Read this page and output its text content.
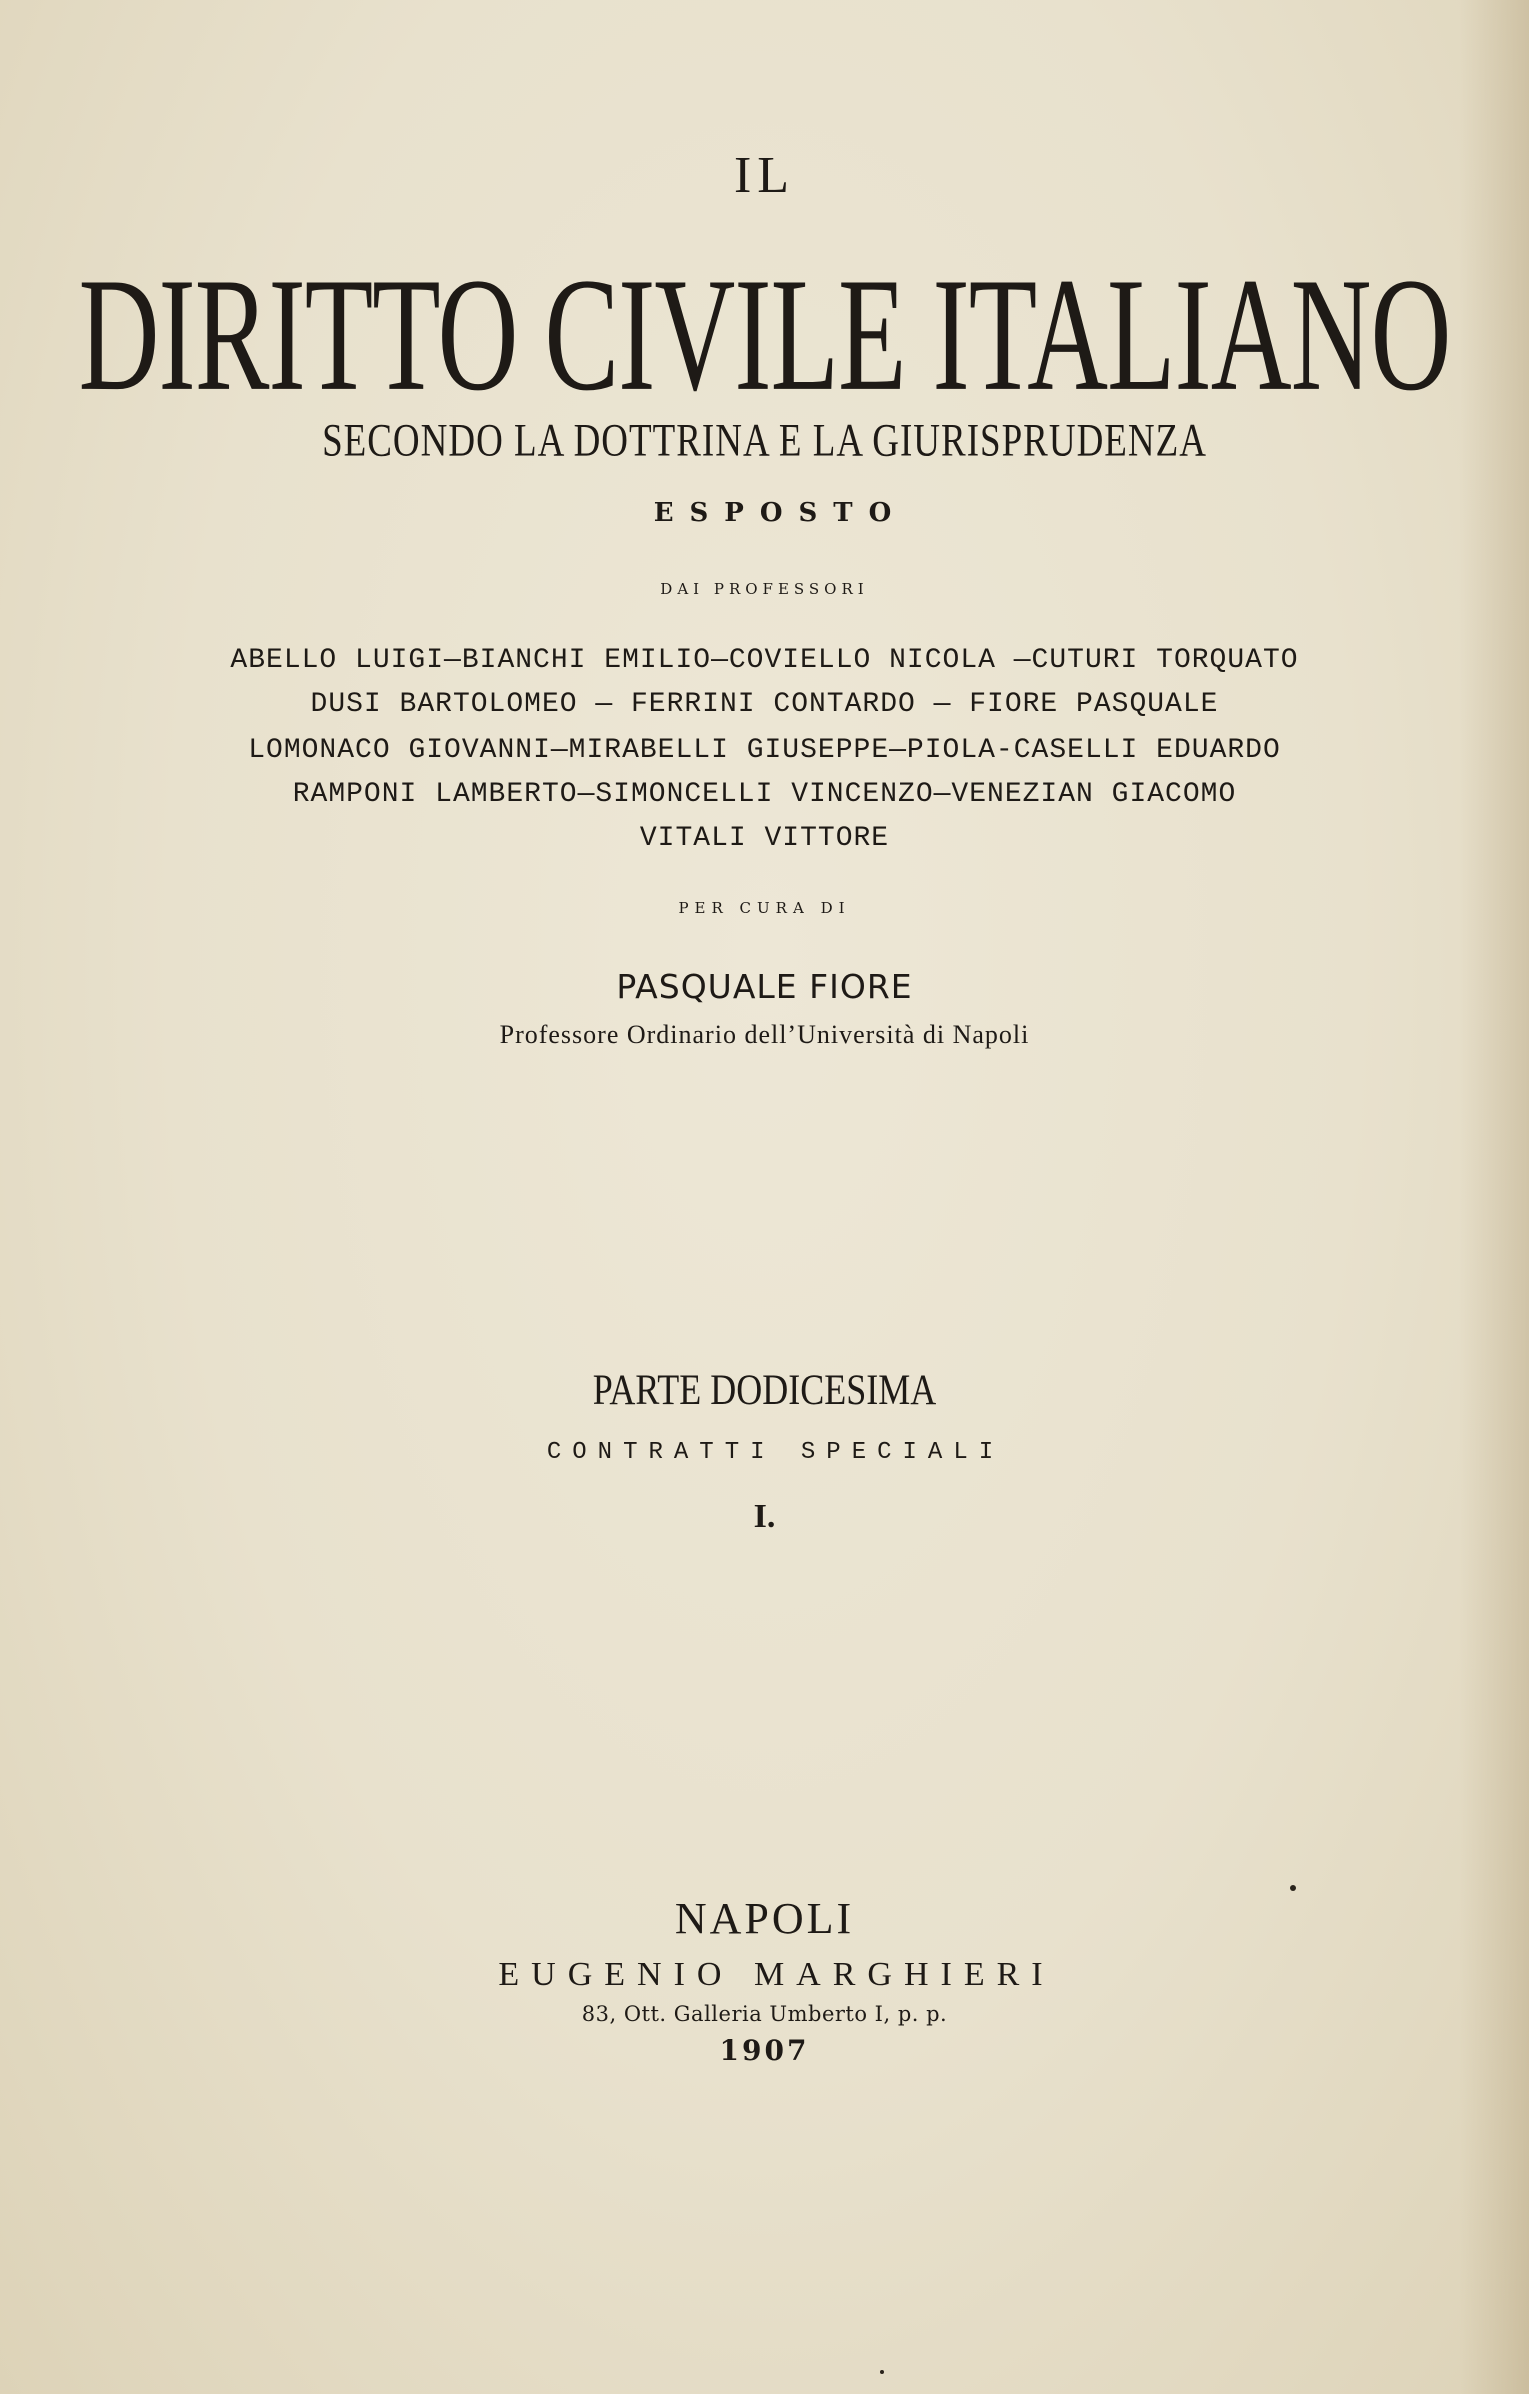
IL
DIRITTO CIVILE ITALIANO
SECONDO LA DOTTRINA E LA GIURISPRUDENZA
ESPOSTO
DAI PROFESSORI
ABELLO LUIGI—BIANCHI EMILIO—COVIELLO NICOLA —CUTURI TORQUATO
DUSI BARTOLOMEO — FERRINI CONTARDO — FIORE PASQUALE
LOMONACO GIOVANNI—MIRABELLI GIUSEPPE—PIOLA-CASELLI EDUARDO
RAMPONI LAMBERTO—SIMONCELLI VINCENZO—VENEZIAN GIACOMO
VITALI VITTORE
PER CURA DI
PASQUALE FIORE
Professore Ordinario dell’Università di Napoli
PARTE DODICESIMA
CONTRATTI SPECIALI
I.
NAPOLI
EUGENIO MARGHIERI
83, Ott. Galleria Umberto I, p. p.
1907
